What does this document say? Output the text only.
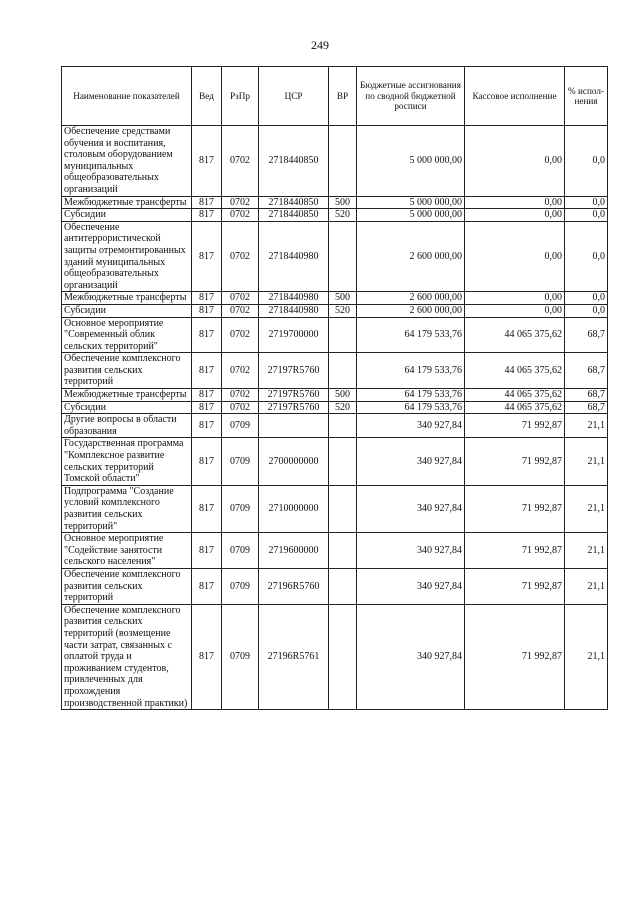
249
Наименование показателей	Вед	РзПр	ЦСР	ВР	Бюджетные ассигнования по сводной бюджетной росписи	Кассовое исполнение	% испол-нения
Обеспечение средствами обучения и воспитания, столовым оборудованием муниципальных общеобразовательных организаций	817	0702	2718440850		5 000 000,00	0,00	0,0
Межбюджетные трансферты	817	0702	2718440850	500	5 000 000,00	0,00	0,0
Субсидии	817	0702	2718440850	520	5 000 000,00	0,00	0,0
Обеспечение антитеррористической защиты отремонтированных зданий муниципальных общеобразовательных организаций	817	0702	2718440980		2 600 000,00	0,00	0,0
Межбюджетные трансферты	817	0702	2718440980	500	2 600 000,00	0,00	0,0
Субсидии	817	0702	2718440980	520	2 600 000,00	0,00	0,0
Основное мероприятие "Современный облик сельских территорий"	817	0702	2719700000		64 179 533,76	44 065 375,62	68,7
Обеспечение комплексного развития сельских территорий	817	0702	27197R5760		64 179 533,76	44 065 375,62	68,7
Межбюджетные трансферты	817	0702	27197R5760	500	64 179 533,76	44 065 375,62	68,7
Субсидии	817	0702	27197R5760	520	64 179 533,76	44 065 375,62	68,7
Другие вопросы в области образования	817	0709			340 927,84	71 992,87	21,1
Государственная программа "Комплексное развитие сельских территорий Томской области"	817	0709	2700000000		340 927,84	71 992,87	21,1
Подпрограмма "Создание условий комплексного развития сельских территорий"	817	0709	2710000000		340 927,84	71 992,87	21,1
Основное мероприятие "Содействие занятости сельского населения"	817	0709	2719600000		340 927,84	71 992,87	21,1
Обеспечение комплексного развития сельских территорий	817	0709	27196R5760		340 927,84	71 992,87	21,1
Обеспечение комплексного развития сельских территорий (возмещение части затрат, связанных с оплатой труда и проживанием студентов, привлеченных для прохождения производственной практики)	817	0709	27196R5761		340 927,84	71 992,87	21,1
